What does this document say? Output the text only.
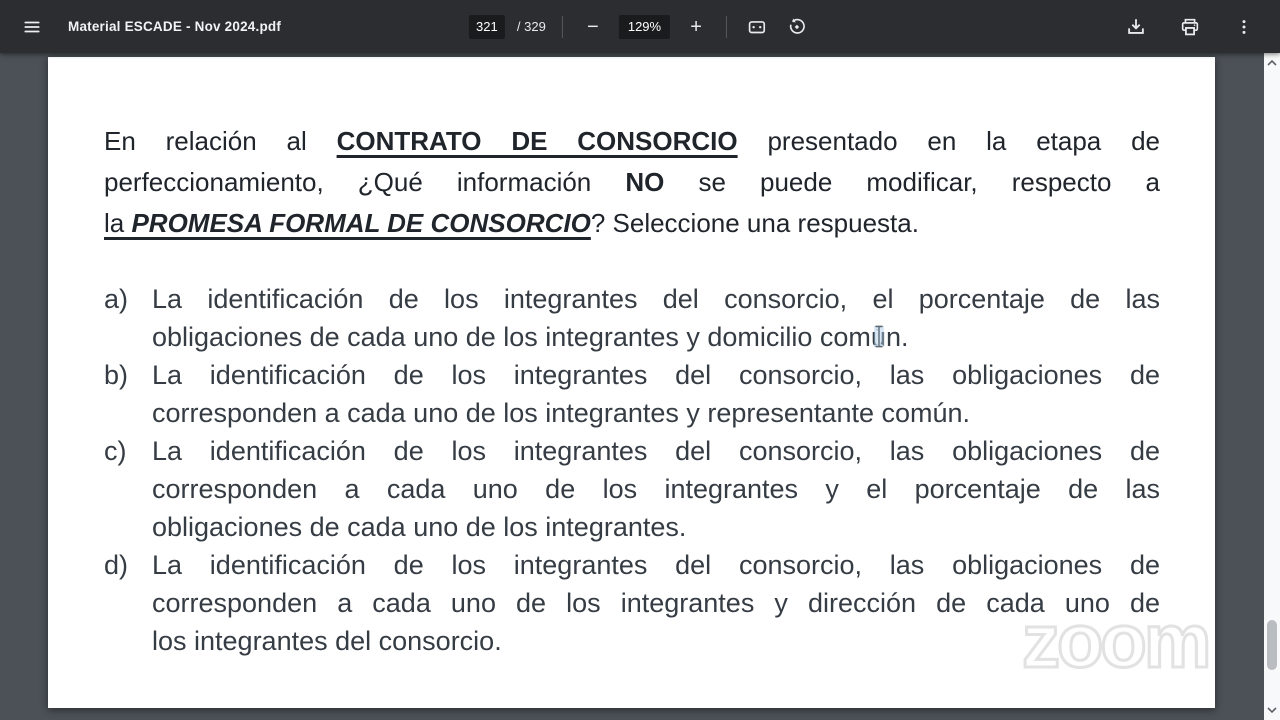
Material ESCADE - Nov 2024.pdf
321	/ 329 −	129%	+
En relación al CONTRATO DE CONSORCIO presentado en la etapa de
perfeccionamiento, ¿Qué información NO se puede modificar, respecto a
la PROMESA FORMAL DE CONSORCIO? Seleccione una respuesta.
a) La identificación de los integrantes del consorcio, el porcentaje de las
obligaciones de cada uno de los integrantes y domicilio común.
b) La identificación de los integrantes del consorcio, las obligaciones de
corresponden a cada uno de los integrantes y representante común.
c) La identificación de los integrantes del consorcio, las obligaciones de
corresponden a cada uno de los integrantes y el porcentaje de las
obligaciones de cada uno de los integrantes.
d) La identificación de los integrantes del consorcio, las obligaciones de
corresponden a cada uno de los integrantes y dirección de cada uno de
los integrantes del consorcio.
